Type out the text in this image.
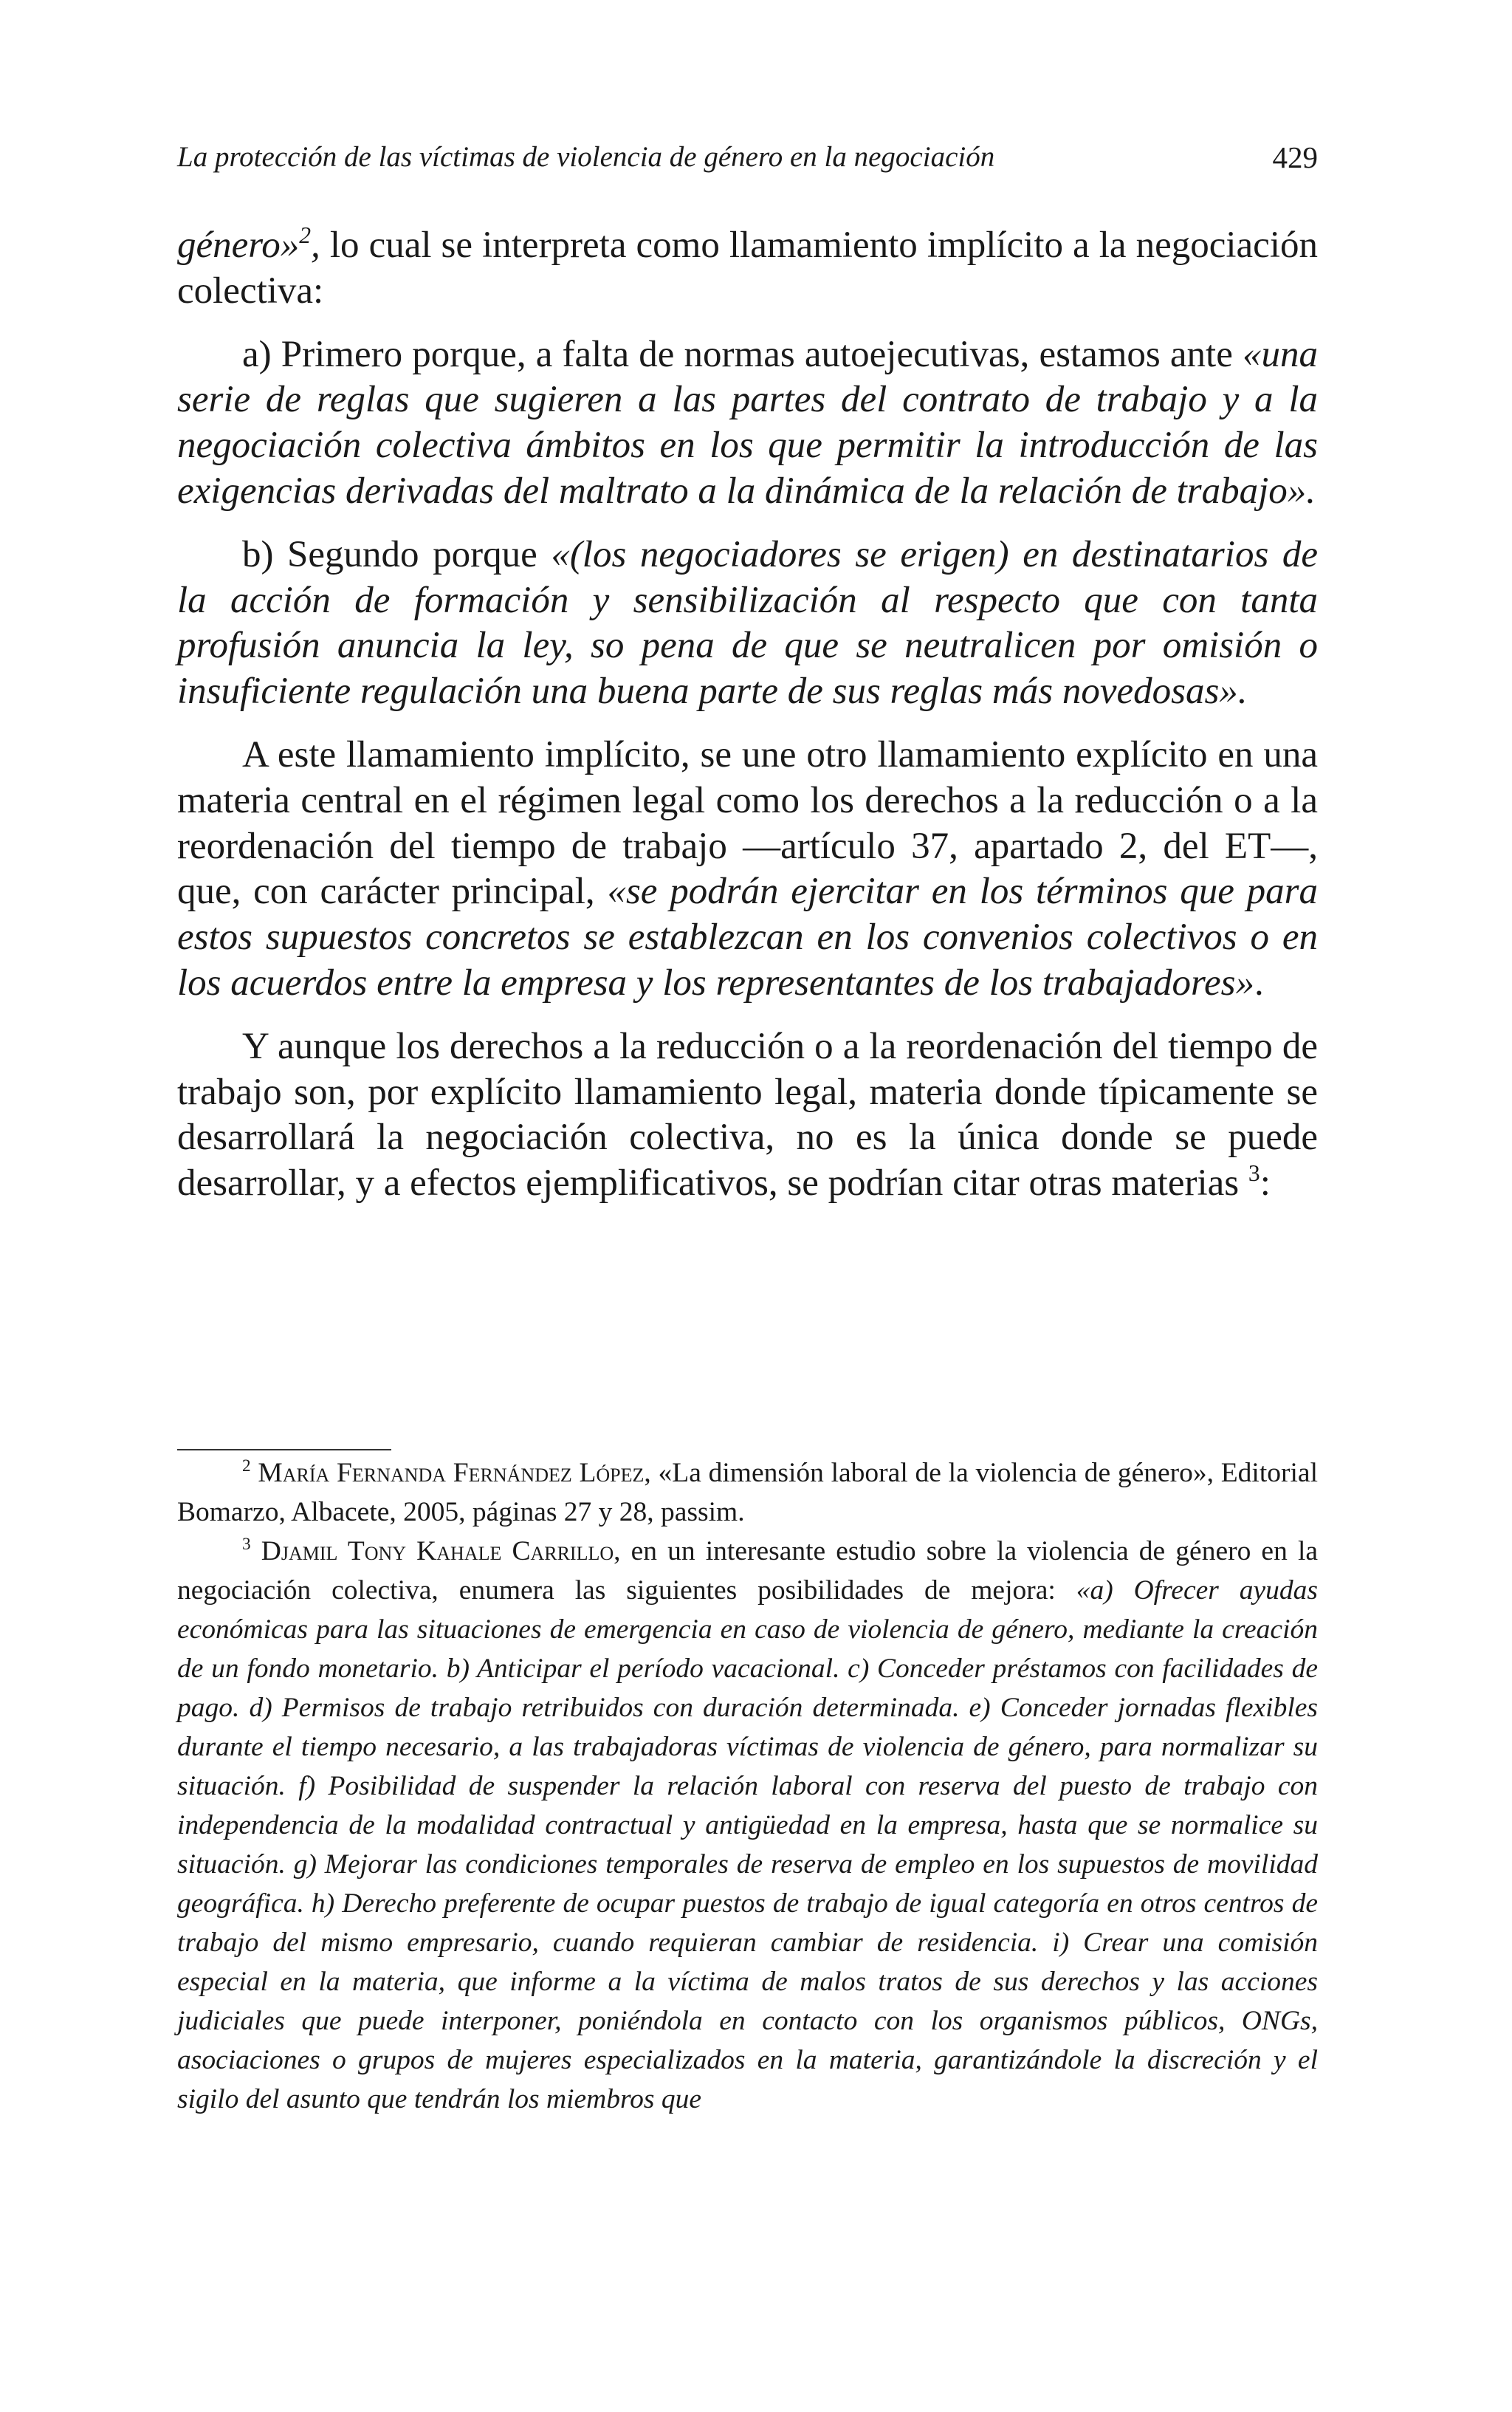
La protección de las víctimas de violencia de género en la negociación	429

género»$^2$, lo cual se interpreta como llamamiento implícito a la negociación colectiva:

a) Primero porque, a falta de normas autoejecutivas, estamos ante «una serie de reglas que sugieren a las partes del contrato de trabajo y a la negociación colectiva ámbitos en los que permitir la introducción de las exigencias derivadas del maltrato a la dinámica de la relación de trabajo».

b) Segundo porque «(los negociadores se erigen) en destinatarios de la acción de formación y sensibilización al respecto que con tanta profusión anuncia la ley, so pena de que se neutralicen por omisión o insuficiente regulación una buena parte de sus reglas más novedosas».

A este llamamiento implícito, se une otro llamamiento explícito en una materia central en el régimen legal como los derechos a la reducción o a la reordenación del tiempo de trabajo —artículo 37, apartado 2, del ET—, que, con carácter principal, «se podrán ejercitar en los términos que para estos supuestos concretos se establezcan en los convenios colectivos o en los acuerdos entre la empresa y los representantes de los trabajadores».

Y aunque los derechos a la reducción o a la reordenación del tiempo de trabajo son, por explícito llamamiento legal, materia donde típicamente se desarrollará la negociación colectiva, no es la única donde se puede desarrollar, y a efectos ejemplificativos, se podrían citar otras materias $^3$:

$^2$ María Fernanda Fernández López, «La dimensión laboral de la violencia de género», Editorial Bomarzo, Albacete, 2005, páginas 27 y 28, passim.

$^3$ Djamil Tony Kahale Carrillo, en un interesante estudio sobre la violencia de género en la negociación colectiva, enumera las siguientes posibilidades de mejora: «a) Ofrecer ayudas económicas para las situaciones de emergencia en caso de violencia de género, mediante la creación de un fondo monetario. b) Anticipar el período vacacional. c) Conceder préstamos con facilidades de pago. d) Permisos de trabajo retribuidos con duración determinada. e) Conceder jornadas flexibles durante el tiempo necesario, a las trabajadoras víctimas de violencia de género, para normalizar su situación. f) Posibilidad de suspender la relación laboral con reserva del puesto de trabajo con independencia de la modalidad contractual y antigüedad en la empresa, hasta que se normalice su situación. g) Mejorar las condiciones temporales de reserva de empleo en los supuestos de movilidad geográfica. h) Derecho preferente de ocupar puestos de trabajo de igual categoría en otros centros de trabajo del mismo empresario, cuando requieran cambiar de residencia. i) Crear una comisión especial en la materia, que informe a la víctima de malos tratos de sus derechos y las acciones judiciales que puede interponer, poniéndola en contacto con los organismos públicos, ONGs, asociaciones o grupos de mujeres especializados en la materia, garantizándole la discreción y el sigilo del asunto que tendrán los miembros que
